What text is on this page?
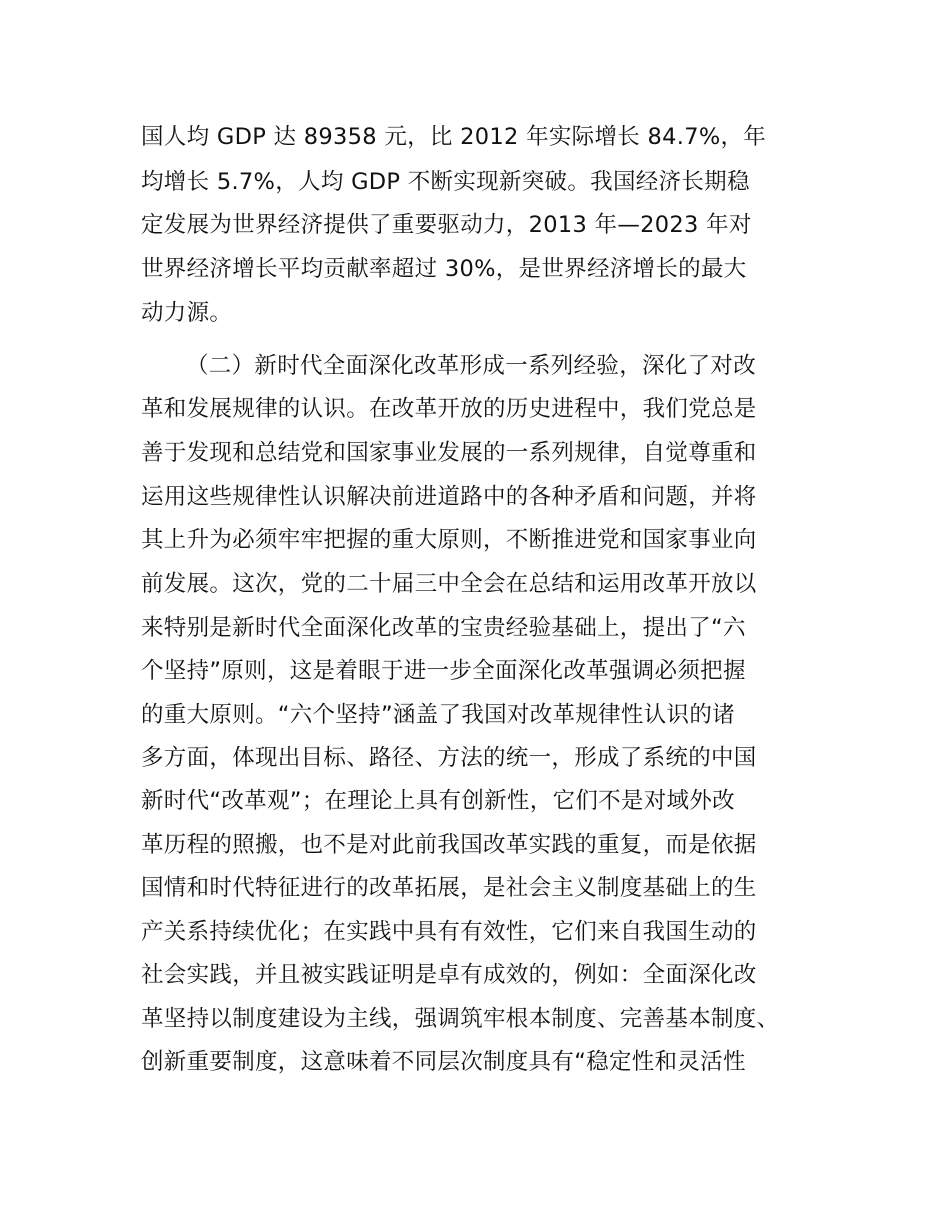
国人均 GDP 达 89358 元，比 2012 年实际增长 84.7%，年
均增长 5.7%，人均 GDP 不断实现新突破。我国经济长期稳
定发展为世界经济提供了重要驱动力，2013 年—2023 年对
世界经济增长平均贡献率超过 30%，是世界经济增长的最大
动力源。
（二）新时代全面深化改革形成一系列经验，深化了对改
革和发展规律的认识。在改革开放的历史进程中，我们党总是
善于发现和总结党和国家事业发展的一系列规律，自觉尊重和
运用这些规律性认识解决前进道路中的各种矛盾和问题，并将
其上升为必须牢牢把握的重大原则，不断推进党和国家事业向
前发展。这次，党的二十届三中全会在总结和运用改革开放以
来特别是新时代全面深化改革的宝贵经验基础上，提出了“六
个坚持”原则，这是着眼于进一步全面深化改革强调必须把握
的重大原则。“六个坚持”涵盖了我国对改革规律性认识的诸
多方面，体现出目标、路径、方法的统一，形成了系统的中国
新时代“改革观”；在理论上具有创新性，它们不是对域外改
革历程的照搬，也不是对此前我国改革实践的重复，而是依据
国情和时代特征进行的改革拓展，是社会主义制度基础上的生
产关系持续优化；在实践中具有有效性，它们来自我国生动的
社会实践，并且被实践证明是卓有成效的，例如：全面深化改
革坚持以制度建设为主线，强调筑牢根本制度、完善基本制度、
创新重要制度，这意味着不同层次制度具有“稳定性和灵活性
